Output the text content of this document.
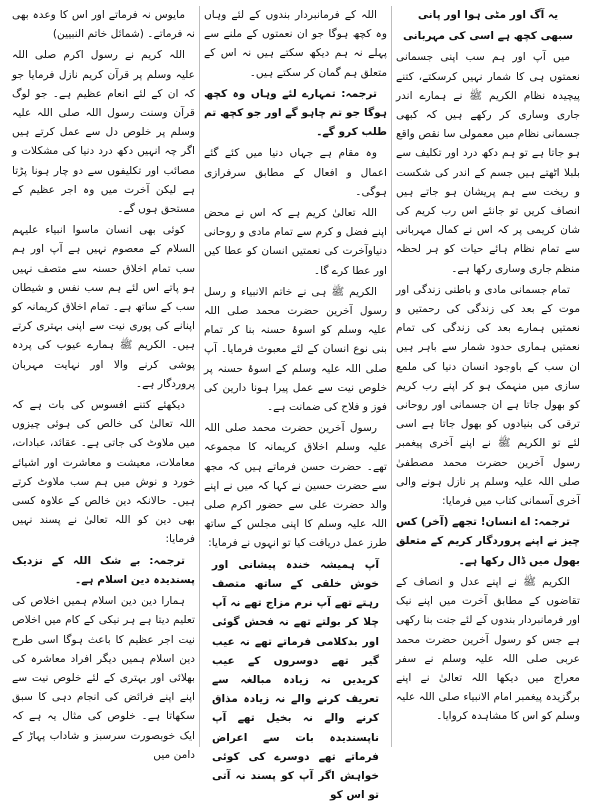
یہ آگ اور مٹی ہوا اور پانی

سبھی کچھ ہے اسی کی مہربانی

میں آپ اور ہم سب اپنی جسمانی نعمتوں ہی کا شمار نہیں کرسکتے، کتنے پیچیدہ نظام الکریم ﷺ نے ہمارے اندر جاری وساری کر رکھے ہیں کہ کبھی جسمانی نظام میں معمولی سا نقص واقع ہو جاتا ہے تو ہم دکھ درد اور تکلیف سے بلبلا اٹھتے ہیں جسم کے اندر کی شکست و ریخت سے ہم پریشان ہو جاتے ہیں انصاف کریں تو جانئے اس رب کریم کی شان کریمی پر کہ اس نے کمال مہربانی سے تمام نظام ہائے حیات کو ہر لحظہ منظم جاری وساری رکھا ہے۔

تمام جسمانی مادی و باطنی زندگی اور موت کے بعد کی زندگی کی رحمتیں و نعمتیں ہمارے بعد کی زندگی کی تمام نعمتیں ہماری حدود شمار سے باہر ہیں ان سب کے باوجود انسان دنیا کی ملمع سازی میں منہمک ہو کر اپنے رب کریم کو بھول جاتا ہے ان جسمانی اور روحانی ترقی کی بنیادوں کو بھول جاتا ہے اسی لئے تو الکریم ﷺ نے اپنے آخری پیغمبر رسول آخرین حضرت محمد مصطفیٰ صلی اللہ علیہ وسلم پر نازل ہونے والی آخری آسمانی کتاب میں فرمایا:

ترجمہ: اے انسان! تجھے (آخر) کس چیز نے اپنے پروردگار کریم کے متعلق بھول میں ڈال رکھا ہے۔

الکریم ﷺ نے اپنے عدل و انصاف کے تقاضوں کے مطابق آخرت میں اپنے نیک اور فرمانبردار بندوں کے لئے جنت بنا رکھی ہے جس کو رسول آخرین حضرت محمد عربی صلی اللہ علیہ وسلم نے سفر معراج میں دیکھا اللہ تعالیٰ نے اپنے برگزیدہ پیغمبر امام الانبیاء صلی اللہ علیہ وسلم کو اس کا مشاہدہ کروایا۔

اللہ کے فرمانبردار بندوں کے لئے وہاں وہ کچھ ہوگا جو ان نعمتوں کے ملنے سے پہلے نہ ہم دیکھ سکتے ہیں نہ اس کے متعلق ہم گمان کر سکتے ہیں۔

ترجمہ: تمہارے لئے وہاں وہ کچھ ہوگا جو تم چاہو گے اور جو کچھ تم طلب کرو گے۔

وہ مقام ہے جہاں دنیا میں کئے گئے اعمال و افعال کے مطابق سرفرازی ہوگی۔

اللہ تعالیٰ کریم ہے کہ اس نے محض اپنے فضل و کرم سے تمام مادی و روحانی دنیاوآخرت کی نعمتیں انسان کو عطا کیں اور عطا کرے گا۔

الکریم ﷺ ہی نے خاتم الانبیاء و رسل رسول آخرین حضرت محمد صلی اللہ علیہ وسلم کو اسوۂ حسنہ بنا کر تمام بنی نوع انسان کے لئے معبوث فرمایا۔ آپ صلی اللہ علیہ وسلم کے اسوۂ حسنہ پر خلوص نیت سے عمل پیرا ہونا دارین کی فوز و فلاح کی ضمانت ہے۔

رسول آخرین حضرت محمد صلی اللہ علیہ وسلم اخلاق کریمانہ کا مجموعہ تھے۔ حضرت حسن فرماتے ہیں کہ مجھ سے حضرت حسین نے کہا کہ میں نے اپنے والد حضرت علی سے حضور اکرم صلی اللہ علیہ وسلم کا اپنی مجلس کے ساتھ طرز عمل دریافت کیا تو انہوں نے فرمایا:

آپ ہمیشہ خندہ پیشانی اور خوش خلقی کے ساتھ متصف رہتے تھے آپ نرم مزاج تھے نہ آپ چلا کر بولتے تھے نہ فحش گوئی اور بدکلامی فرماتے تھے نہ عیب گیر تھے دوسروں کے عیب کریدیں نہ زیادہ مبالغہ سے تعریف کرنے والے نہ زیادہ مذاق کرنے والے نہ بخیل تھے آپ ناپسندیدہ بات سے اعراض فرماتے تھے دوسرے کی کوئی خواہش اگر آپ کو پسند نہ آتی تو اس کو

مایوس نہ فرماتے اور اس کا وعدہ بھی نہ فرماتے۔ (شمائل خاتم النبیین)

اللہ کریم نے رسول اکرم صلی اللہ علیہ وسلم پر قرآن کریم نازل فرمایا جو کہ ان کے لئے انعام عظیم ہے۔ جو لوگ قرآن وسنت رسول اللہ صلی اللہ علیہ وسلم پر خلوص دل سے عمل کرتے ہیں اگر چہ انہیں دکھ درد دنیا کی مشکلات و مصائب اور تکلیفوں سے دو چار ہونا پڑتا ہے لیکن آخرت میں وہ اجر عظیم کے مستحق ہوں گے۔

کوئی بھی انسان ماسوا انبیاء علیہم السلام کے معصوم نہیں ہے آپ اور ہم سب تمام اخلاق حسنہ سے متصف نہیں ہو پاتے اس لئے ہم سب نفس و شیطان سب کے ساتھ ہے۔ تمام اخلاق کریمانہ کو اپنانے کی پوری نیت سے اپنی بہتری کرتے ہیں۔ الکریم ﷺ ہمارے عیوب کی پردہ پوشی کرنے والا اور نہایت مہربان پروردگار ہے۔

دیکھئے کتنے افسوس کی بات ہے کہ اللہ تعالیٰ کی خالص کی ہوئی چیزوں میں ملاوٹ کی جاتی ہے۔ عقائد، عبادات، معاملات، معیشت و معاشرت اور اشیائے خورد و نوش میں ہم سب ملاوٹ کرتے ہیں۔ حالانکہ دین خالص کے علاوہ کسی بھی دین کو اللہ تعالیٰ نے پسند نہیں فرمایا:

ترجمہ: بے شک اللہ کے نزدیک پسندیدہ دین اسلام ہے۔

ہمارا دین دین اسلام ہمیں اخلاص کی تعلیم دیتا ہے ہر نیکی کے کام میں اخلاص نیت اجر عظیم کا باعث ہوگا اسی طرح دین اسلام ہمیں دیگر افراد معاشرہ کی بھلائی اور بہتری کے لئے خلوص نیت سے اپنے اپنے فرائض کی انجام دہی کا سبق سکھاتا ہے۔ خلوص کی مثال یہ ہے کہ ایک خوبصورت سرسبز و شاداب پہاڑ کے دامن میں
